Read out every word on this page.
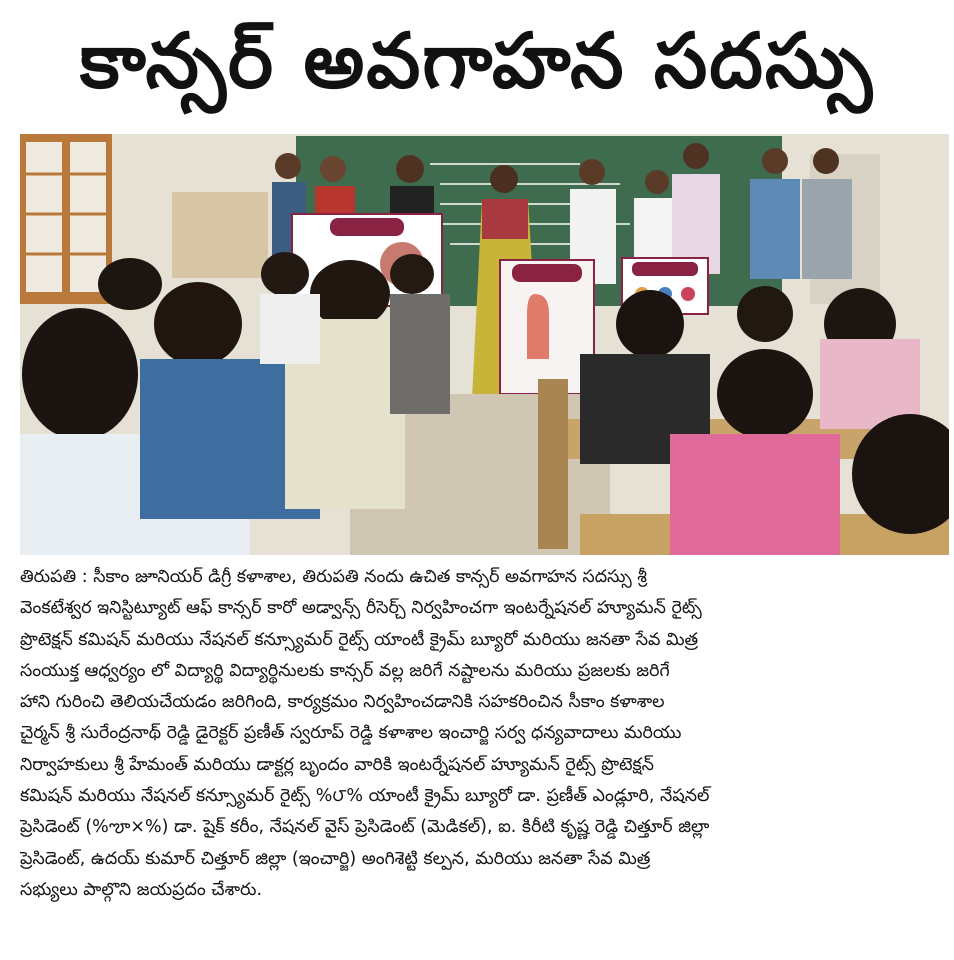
కాన్సర్ అవగాహన సదస్సు
తిరుపతి : సీకాం జూనియర్ డిగ్రీ కళాశాల, తిరుపతి నందు ఉచిత కాన్సర్ అవగాహన సదస్సు శ్రీ
వెంకటేశ్వర ఇనిస్టిట్యూట్ ఆఫ్ కాన్సర్ కారో అడ్వాన్స్ రీసెర్చ్ నిర్వహించగా ఇంటర్నేషనల్ హ్యూమన్ రైట్స్
ప్రొటెక్షన్ కమిషన్ మరియు నేషనల్ కన్స్యూమర్ రైట్స్ యాంటీ క్రైమ్ బ్యూరో మరియు జనతా సేవ మిత్ర
సంయుక్త ఆధ్వర్యం లో విద్యార్థి విద్యార్థినులకు కాన్సర్ వల్ల జరిగే నష్టాలను మరియు ప్రజలకు జరిగే
హాని గురించి తెలియచేయడం జరిగింది, కార్యక్రమం నిర్వహించడానికి సహకరించిన సీకాం కళాశాల
చైర్మన్ శ్రీ సురేంద్రనాథ్ రెడ్డి డైరెక్టర్ ప్రణీత్ స్వరూప్ రెడ్డి కళాశాల ఇంచార్జి సర్వ ధన్యవాదాలు మరియు
నిర్వాహకులు శ్రీ హేమంత్ మరియు డాక్టర్ల బృందం వారికి ఇంటర్నేషనల్ హ్యూమన్ రైట్స్ ప్రొటెక్షన్
కమిషన్ మరియు నేషనల్ కన్స్యూమర్ రైట్స్ %౮% యాంటీ క్రైమ్ బ్యూరో డా. ప్రణీత్ ఎండ్లూరి, నేషనల్
ప్రెసిడెంట్ (%ౡ×%) డా. షైక్ కరీం, నేషనల్ వైస్ ప్రెసిడెంట్ (మెడికల్), ఐ. కిరీటి కృష్ణ రెడ్డి చిత్తూర్ జిల్లా
ప్రెసిడెంట్, ఉదయ్ కుమార్ చిత్తూర్ జిల్లా (ఇంచార్జి) అంగిశెట్టి కల్పన, మరియు జనతా సేవ మిత్ర
సభ్యులు పాల్గొని జయప్రదం చేశారు.
